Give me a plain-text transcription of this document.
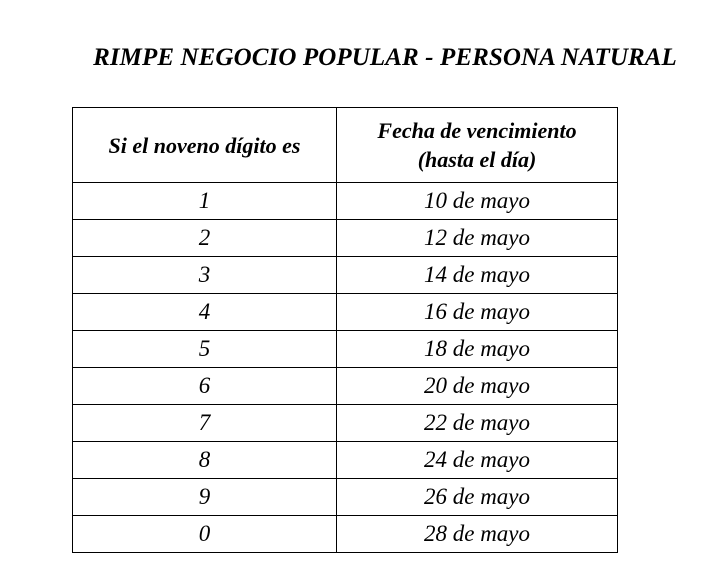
RIMPE NEGOCIO POPULAR - PERSONA NATURAL
Si el noveno dígito es	Fecha de vencimiento
(hasta el día)

1	10 de mayo
2	12 de mayo
3	14 de mayo
4	16 de mayo
5	18 de mayo
6	20 de mayo
7	22 de mayo
8	24 de mayo
9	26 de mayo
0	28 de mayo
